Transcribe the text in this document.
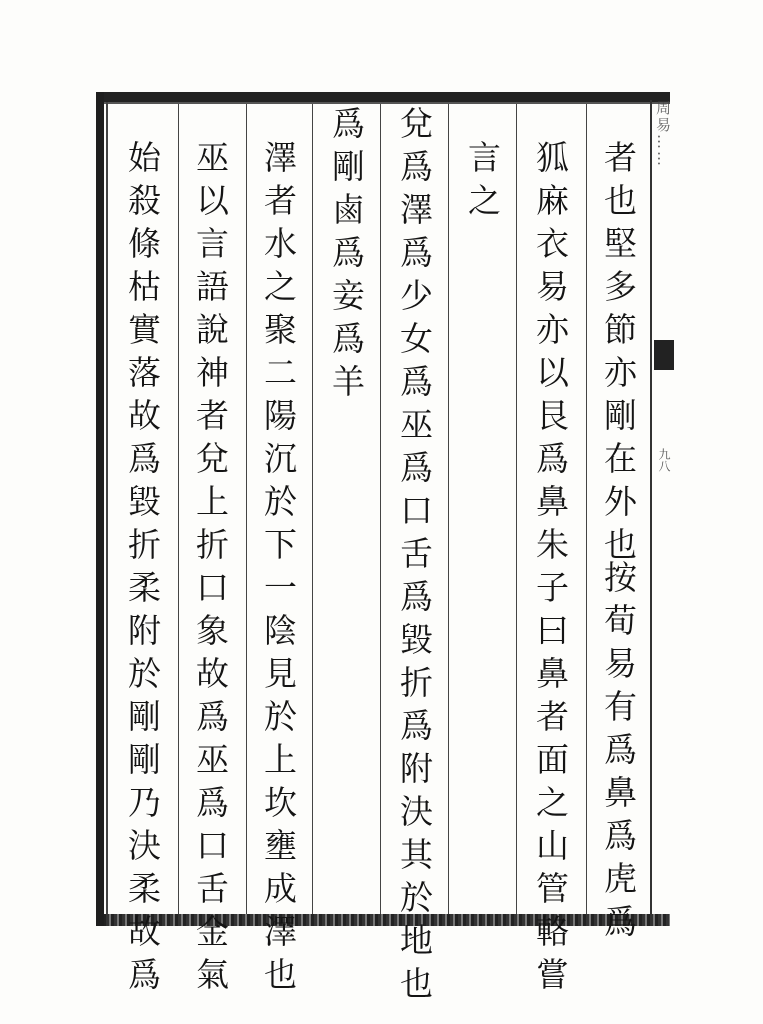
周易……
九八
者也堅多節亦剛在外也
按荀易有爲鼻爲虎爲
狐麻衣易亦以艮爲鼻朱子曰鼻者面之山管輅嘗
言之
兌爲澤爲少女爲巫爲口舌爲毀折爲附決其於地也
爲剛鹵爲妾爲羊
澤者水之聚二陽沉於下一陰見於上坎壅成澤也
巫以言語說神者兌上折口象故爲巫爲口舌金氣
始殺條枯實落故爲毀折柔附於剛剛乃決柔故爲
